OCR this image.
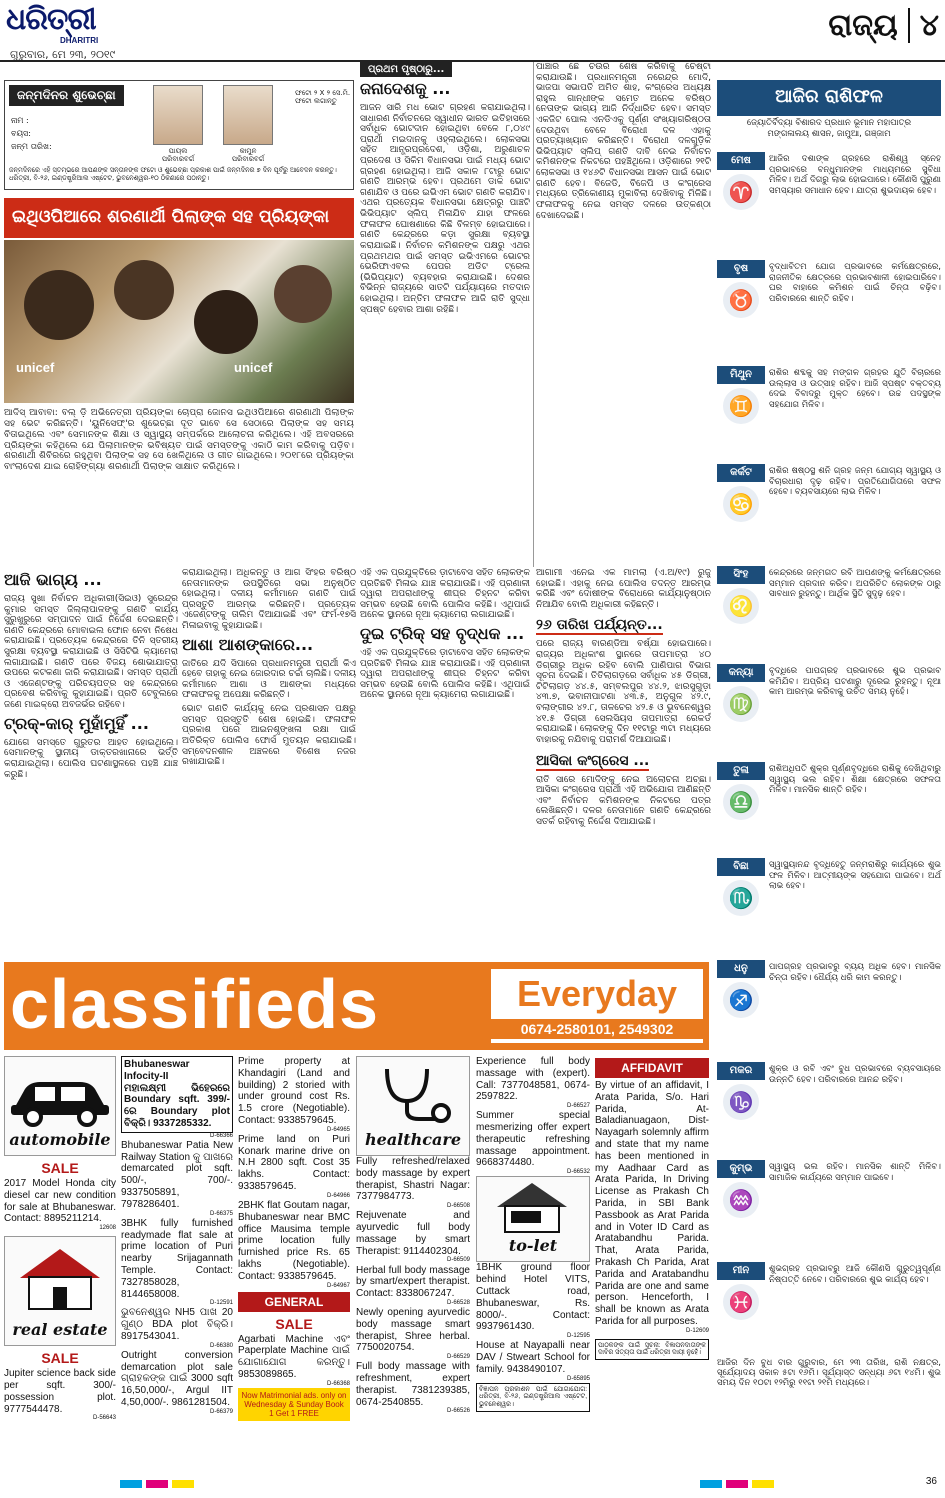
ଧରିତ୍ରୀ
DHARITRI
ଗୁରୁବାର, ମେ ୨୩, ୨୦୧୯
ରାଜ୍ୟ ୪
ଜନ୍ମଦିନର ଶୁଭେଚ୍ଛା
ନାମ :
ବୟସ:
ଜନ୍ମ ତାରିଖ:
ପାୟଲ
ପରିବାରବର୍ଗ
କାମୁନ
ପରିବାରବର୍ଗ
ଫଟୋ ୨ X ୨ ସେ.ମି. ଫଟୋ ଲଗାନ୍ତୁ
ଜନ୍ମଦିନରେ ଏହି ସ୍ତମ୍ଭରେ ଆପଣଙ୍କ ସନ୍ତାନଙ୍କ ଫଟୋ ଓ ଶୁଭେଚ୍ଛା ପ୍ରକାଶ ପାଇଁ ଜନ୍ମଦିନର ୭ ଦିନ ପୂର୍ବରୁ ଆବେଦନ କରନ୍ତୁ। ଧରିତ୍ରୀ, ବି-୨୬, ଇଣ୍ଡଷ୍ଟ୍ରିଆଲ ଏଷ୍ଟେଟ, ଭୁବନେଶ୍ୱର-୧୦ ଠିକଣାରେ ପଠାନ୍ତୁ।
ଇଥିଓପିଆରେ ଶରଣାର୍ଥୀ ପିଲାଙ୍କ ସହ ପ୍ରିୟଙ୍କା
unicef	unicef
ଆଦିସ୍ ଆବାବା: ବଲ୍ ଡ଼ି ଅଭିନେତ୍ରୀ ପ୍ରିୟଙ୍କା ଚୋପ୍ରା ଜୋନସ ଇଥିଓପିଆରେ ଶରଣାର୍ଥୀ ପିଲାଙ୍କ ସହ ଭେଟ କରିଛନ୍ତି। 'ୟୁନିସେଫ୍'ର ଶୁଭେଚ୍ଛା ଦୂତ ଭାବେ ସେ ସେଠାରେ ପିଲାଙ୍କ ସହ ସମୟ ବିତାଇଥିଲେ ଏବଂ ସେମାନଙ୍କ ଶିକ୍ଷା ଓ ସ୍ୱାସ୍ଥ୍ୟ ସମ୍ପର୍କରେ ଆଲୋଚନା କରିଥିଲେ। ଏହି ଅବସରରେ ପ୍ରିୟଙ୍କା କହିଥିଲେ ଯେ ପିଲାମାନଙ୍କ ଭବିଷ୍ୟତ ପାଇଁ ସମସ୍ତଙ୍କୁ ଏକାଠି କାମ କରିବାକୁ ପଡ଼ିବ। ଶରଣାର୍ଥୀ ଶିବିରରେ ରହୁଥିବା ପିଲାଙ୍କ ସହ ସେ ଖେଳିଥିଲେ ଓ ଗୀତ ଗାଇଥିଲେ। ୨୦୧୮ରେ ପ୍ରିୟଙ୍କା ବାଂଲାଦେଶ ଯାଇ ରୋହିଙ୍ଗ୍ୟା ଶରଣାର୍ଥୀ ପିଲାଙ୍କ ସାକ୍ଷାତ କରିଥିଲେ।
ପ୍ରଥମ ପୃଷ୍ଠାରୁ...
ଜନାଦେଶକୁ ...
ଆଜନ ସାରି ମଧ ଭୋଟ ଗ୍ରହଣ କରାଯାଇଥିଲା। ସାଧାରଣ ନିର୍ବାଚନରେ ସ୍ୱାଧୀନ ଭାରତ ଇତିହାସରେ ସର୍ବାଧିକ ଭୋଟଦାନ ହୋଇଥିବା ବେଳେ ୮,୦୪୯ ପ୍ରାର୍ଥୀ ମଇଦାନକୁ ଓହ୍ଲାଇଥିଲେ। ଲୋକସଭା ସହିତ ଆନ୍ଧ୍ରପ୍ରଦେଶ, ଓଡ଼ିଶା, ଅରୁଣାଚଳ ପ୍ରଦେଶ ଓ ସିକିମ ବିଧାନସଭା ପାଇଁ ମଧ୍ୟ ଭୋଟ ଗ୍ରହଣ ହୋଇଥିଲା। ଆଜି ସକାଳ ୮ଟାରୁ ଭୋଟ ଗଣତି ଆରମ୍ଭ ହେବ। ପ୍ରଥମେ ଡାକ ଭୋଟ ଗଣାଯିବ ଓ ପରେ ଇଭିଏମ ଭୋଟ ଗଣତି କରାଯିବ। ଏଥର ପ୍ରତ୍ୟେକ ବିଧାନସଭା କ୍ଷେତ୍ରରୁ ପାଞ୍ଚଟି ଭିଭିପ୍ୟାଟ ସ୍ଲିପ୍ ମିଳାଯିବ ଯାହା ଫଳରେ ଫଳାଫଳ ଘୋଷଣାରେ କିଛି ବିଳମ୍ବ ହୋଇପାରେ। ଗଣତି କେନ୍ଦ୍ରରେ କଡ଼ା ସୁରକ୍ଷା ବ୍ୟବସ୍ଥା କରାଯାଇଛି। ନିର୍ବାଚନ କମିଶନଙ୍କ ପକ୍ଷରୁ ଏଥର ପ୍ରଥମଥର ପାଇଁ ସମସ୍ତ ଇଭିଏମରେ ଭୋଟର ଭେରିଫାଏବଲ ପେପର ଅଡିଟ ଟ୍ରେଲ (ଭିଭିପ୍ୟାଟ) ବ୍ୟବହାର କରାଯାଇଛି। ଦେଶର ବିଭିନ୍ନ ରାଜ୍ୟରେ ସାତଟି ପର୍ଯ୍ୟାୟରେ ମତଦାନ ହୋଇଥିଲା। ଅନ୍ତିମ ଫଳାଫଳ ଆଜି ରାତି ସୁଦ୍ଧା ସ୍ପଷ୍ଟ ହେବାର ଆଶା ରହିଛି।
ପାଞ୍ଚାର ଛେ ଚଉର ଶେଷ କରିବାକୁ ଚେଷ୍ଟା କରାଯାଉଛି। ପ୍ରଧାନମନ୍ତ୍ରୀ ନରେନ୍ଦ୍ର ମୋଦି, ଭାଜପା ସଭାପତି ଅମିତ ଶାହ, କଂଗ୍ରେସ ଅଧ୍ୟକ୍ଷ ରାହୁଲ ଗାନ୍ଧୀଙ୍କ ସମେତ ଅନେକ ବରିଷ୍ଠ ନେତାଙ୍କ ଭାଗ୍ୟ ଆଜି ନିର୍ଦ୍ଧାରିତ ହେବ। ସମସ୍ତ ଏକଜିଟ ପୋଲ ଏନଡିଏକୁ ପୂର୍ଣ୍ଣ ସଂଖ୍ୟାଗରିଷ୍ଠତା ଦେଉଥିବା ବେଳେ ବିରୋଧୀ ଦଳ ଏହାକୁ ପ୍ରତ୍ୟାଖ୍ୟାନ କରିଛନ୍ତି। ବିରୋଧୀ ଦଳଗୁଡ଼ିକ ଭିଭିପ୍ୟାଟ ସ୍ଲିପ୍ ଗଣତି ଦାବି ନେଇ ନିର୍ବାଚନ କମିଶନଙ୍କ ନିକଟରେ ପହଞ୍ଚିଥିଲେ। ଓଡ଼ିଶାରେ ୨୧ଟି ଲୋକସଭା ଓ ୧୪୬ଟି ବିଧାନସଭା ଆସନ ପାଇଁ ଭୋଟ ଗଣତି ହେବ। ବିଜେଡି, ବିଜେପି ଓ କଂଗ୍ରେସ ମଧ୍ୟରେ ତ୍ରିକୋଣୀୟ ମୁକାବିଲା ଦେଖିବାକୁ ମିଳିଛି। ଫଳାଫଳକୁ ନେଇ ସମସ୍ତ ଦଳରେ ଉତ୍କଣ୍ଠା ଦେଖାଦେଇଛି।
ଆଜି ଭାଗ୍ୟ ...
ରାଜ୍ୟ ସୁଖା ନିର୍ବାଚନ ଅଧିକାରୀ(ସିଇଓ) ସୁରେନ୍ଦ୍ର କୁମାର ସମସ୍ତ ଜିଲ୍ଲାପାଳଙ୍କୁ ଗଣତି କାର୍ଯ୍ୟ ସୁରୁଖୁରୁରେ ସମ୍ପାଦନ ପାଇଁ ନିର୍ଦ୍ଦେଶ ଦେଇଛନ୍ତି। ଗଣତି କେନ୍ଦ୍ରରେ ମୋବାଇଲ ଫୋନ ନେବା ନିଷେଧ କରାଯାଇଛି। ପ୍ରତ୍ୟେକ କେନ୍ଦ୍ରରେ ତିନି ସ୍ତରୀୟ ସୁରକ୍ଷା ବ୍ୟବସ୍ଥା କରାଯାଇଛି ଓ ସିସିଟିଭି କ୍ୟାମେରା ଲଗାଯାଇଛି। ଗଣତି ପରେ ବିଜୟ ଶୋଭାଯାତ୍ରା ଉପରେ କଟକଣା ଜାରି କରାଯାଇଛି। ସମସ୍ତ ପ୍ରାର୍ଥୀ ଓ ଏଜେଣ୍ଟଙ୍କୁ ପରିଚୟପତ୍ର ସହ କେନ୍ଦ୍ରରେ ପ୍ରବେଶ କରିବାକୁ କୁହାଯାଇଛି। ପ୍ରତି ଟେବୁଲରେ ଜଣେ ମାଇକ୍ରୋ ଅବଜର୍ଭର ରହିବେ।
ଟ୍ରକ୍-କାର୍ ମୁହାଁମୁହିଁ ...
ଯୋଗେ ସମସ୍ତେ ଗୁରୁତର ଆହତ ହୋଇଥିଲେ। ସେମାନଙ୍କୁ ସ୍ଥାନୀୟ ଡାକ୍ତରଖାନାରେ ଭର୍ତ୍ତି କରାଯାଇଥିଲା। ପୋଲିସ ଘଟଣାସ୍ଥଳରେ ପହଞ୍ଚି ଯାଞ୍ଚ କରୁଛି।
କରାଯାଇଥିଲା। ଅଧିକନ୍ତୁ ଓ ଆଗ ସିଂହର ବରିଷ୍ଠ ନେତାମାନଙ୍କ ଉପସ୍ଥିତିରେ ସଭା ଅନୁଷ୍ଠିତ ହୋଇଥିଲା। ଦଳୀୟ କର୍ମୀମାନେ ଗଣତି ପାଇଁ ପ୍ରସ୍ତୁତି ଆରମ୍ଭ କରିଛନ୍ତି। ପ୍ରତ୍ୟେକ ଏଜେଣ୍ଟଙ୍କୁ ତାଲିମ ଦିଆଯାଇଛି ଏବଂ ଫର୍ମ-୧୭ସି ମିଳାଇବାକୁ କୁହାଯାଇଛି।
ଆଶା ଆଶଙ୍କାରେ...
ଜାତିରେ ଯଦି ସିପାରେ ପ୍ରଧାନମନ୍ତ୍ରୀ ପ୍ରାର୍ଥୀ କିଏ ହେବେ ତାହାକୁ ନେଇ ଜୋରଦାର ଚର୍ଚ୍ଚା ଚାଲିଛି। ଦଳୀୟ କର୍ମୀମାନେ ଆଶା ଓ ଆଶଙ୍କା ମଧ୍ୟରେ ଫଳାଫଳକୁ ଅପେକ୍ଷା କରିଛନ୍ତି।
ଭୋଟ ଗଣତି କାର୍ଯ୍ୟକୁ ନେଇ ପ୍ରଶାସନ ପକ୍ଷରୁ ସମସ୍ତ ପ୍ରସ୍ତୁତି ଶେଷ ହୋଇଛି। ଫଳାଫଳ ପ୍ରକାଶ ପରେ ଆଇନଶୃଙ୍ଖଳା ରକ୍ଷା ପାଇଁ ଅତିରିକ୍ତ ପୋଲିସ ଫୋର୍ସ ମୁତୟନ କରାଯାଇଛି। ସମ୍ବେଦନଶୀଳ ଅଞ୍ଚଳରେ ବିଶେଷ ନଜର ରଖାଯାଇଛି।
ଏହି ଏକ ପ୍ରଯୁକ୍ତିରେ ଡ଼ାଟାବେସ ସହିତ ଲୋକଙ୍କ ପ୍ରତିଛବି ମିଳାଇ ଯାଞ୍ଚ କରାଯାଉଛି। ଏହି ପ୍ରଣାଳୀ ଦ୍ୱାରା ଅପରାଧୀଙ୍କୁ ଶୀଘ୍ର ଚିହ୍ନଟ କରିବା ସମ୍ଭବ ହେଉଛି ବୋଲି ପୋଲିସ କହିଛି। ଏଥିପାଇଁ ଅନେକ ସ୍ଥାନରେ ନୂଆ କ୍ୟାମେରା ଲଗାଯାଇଛି।
ଦୁଇ ଟ୍ରିକ୍ ସହ ବୃଦ୍ଧକ ...
ଏହି ଏକ ପ୍ରଯୁକ୍ତିରେ ଡ଼ାଟାବେସ ସହିତ ଲୋକଙ୍କ ପ୍ରତିଛବି ମିଳାଇ ଯାଞ୍ଚ କରାଯାଉଛି। ଏହି ପ୍ରଣାଳୀ ଦ୍ୱାରା ଅପରାଧୀଙ୍କୁ ଶୀଘ୍ର ଚିହ୍ନଟ କରିବା ସମ୍ଭବ ହେଉଛି ବୋଲି ପୋଲିସ କହିଛି। ଏଥିପାଇଁ ଅନେକ ସ୍ଥାନରେ ନୂଆ କ୍ୟାମେରା ଲଗାଯାଇଛି।
ଆଗାମୀ ଏନେଇ ଏକ ମାମଲା (ଏ.ଅ/୧୯) ରୁଜୁ ହୋଇଛି। ଏହାକୁ ନେଇ ପୋଲିସ ତଦନ୍ତ ଆରମ୍ଭ କରିଛି ଏବଂ ଦୋଷୀଙ୍କ ବିରୋଧରେ କାର୍ଯ୍ୟାନୁଷ୍ଠାନ ନିଆଯିବ ବୋଲି ଅଧିକାରୀ କହିଛନ୍ତି।
୨୬ ତାରିଖ ପର୍ଯ୍ୟନ୍ତ...
ପରେ ରାଜ୍ୟ ବାରଣ୍ଡିଆ ବର୍ଷ୍ଯା ହୋଇପାରେ। ରାଜ୍ୟର ଅଧିକାଂଶ ସ୍ଥାନରେ ତାପମାତ୍ରା ୪୦ ଡିଗ୍ରୀରୁ ଅଧିକ ରହିବ ବୋଲି ପାଣିପାଗ ବିଭାଗ ସୂଚନା ଦେଇଛି। ତିତିଲାଗଡ଼ରେ ସର୍ବାଧିକ ୪୫ ଡିଗ୍ରୀ, ଟିଟିଲାଗଡ଼ ୪୪.୫, ସମ୍ବଲପୁର ୪୪.୨, ଝାରସୁଗୁଡ଼ା ୪୩.୭, ଭବାନୀପାଟଣା ୪୩.୫, ଅନୁଗୁଳ ୪୨.୯, ବଲାଙ୍ଗୀର ୪୨.୮, ତାଳଚେର ୪୨.୫ ଓ ଭୁବନେଶ୍ୱର ୪୧.୫ ଡିଗ୍ରୀ ସେଲସିୟସ ତାପମାତ୍ରା ରେକର୍ଡ କରାଯାଇଛି। ଲୋକଙ୍କୁ ଦିନ ୧୧ଟାରୁ ୩ଟା ମଧ୍ୟରେ ବାହାରକୁ ନଯିବାକୁ ପରାମର୍ଶ ଦିଆଯାଇଛି।
ଆସିକା କଂଗ୍ରେସ ...
ରାତି ସାରେ ମୋଦିଙ୍କୁ ନେଇ ଅଲୋଚନା ଅଚ୍ଛା। ଆସିକା କଂଗ୍ରେସ ପ୍ରାର୍ଥୀ ଏହି ଅଭିଯୋଗ ଆଣିଛନ୍ତି ଏବଂ ନିର୍ବାଚନ କମିଶନଙ୍କ ନିକଟରେ ପତ୍ର ଲେଖିଛନ୍ତି। ଦଳର ନେତାମାନେ ଗଣତି କେନ୍ଦ୍ରରେ ସତର୍କ ରହିବାକୁ ନିର୍ଦ୍ଦେଶ ଦିଆଯାଇଛି।
ଆଜିର ରାଶିଫଳ
ଜ୍ୟୋତିର୍ବିଦ୍ୟା ବିଶାରଦ ପ୍ରଧାନ ଭୂମାନ ମହାପାତ୍ର
ମଙ୍ଗଳାଲୟ ଶାସନ, ଜାମୁଆ, ଗଞ୍ଜାମ
ମେଷ
♈
ଆଜିର ଦଶାଙ୍କ ଗ୍ରହରେ ରାଶିଶ୍ୱ ସ୍ନେହ ପ୍ରଭାବରେ ବନ୍ଧୁମାନଙ୍କ ମାଧ୍ୟମରେ ସୁବିଧା ମିଳିବ। ଅର୍ଥ ଦିଗରୁ ଲାଭ ହୋଇପାରେ। କୌଣସି ପୁରୁଣା ସମସ୍ୟାର ସମାଧାନ ହେବ। ଯାତ୍ରା ଶୁଭଦାୟକ ହେବ।
ବୃଷ
♉
ବୃଦ୍ଧାବିତମ ଯୋଗ ପ୍ରଭାବରେ କର୍ମକ୍ଷେତ୍ରରେ, ରାଜନୀତିକ କ୍ଷେତ୍ରରେ ପ୍ରଭାବଶାଳୀ ହୋଇପାରିବେ। ଘର ବାହାରେ କମିଶନ ପାଇଁ ଚିନ୍ତା ବଢ଼ିବ। ପରିବାରରେ ଶାନ୍ତି ରହିବ।
ମିଥୁନ
♊
ରାଶିର ଶବ୍ଦକୁ ସହ ମଙ୍ଗଳ ଗ୍ରହର ଯୁତି ବିଚାରରେ ଉଲ୍ଲାସ ଓ ଉତ୍ସାହ ରହିବ। ଆଜି ସ୍ପଷ୍ଟ ବକ୍ତବ୍ୟ ଦେଇ ବିବାଦରୁ ମୁକ୍ତ ହେବେ। ଉଚ୍ଚ ପଦସ୍ଥଙ୍କ ସହଯୋଗ ମିଳିବ।
କର୍କଟ
♋
ରାଶିର ଷଷ୍ଠସ୍ଥ ଶନି ଗ୍ରହ ଜନ୍ମ ଯୋଗ୍ୟ ସ୍ୱାସ୍ଥ୍ୟ ଓ ବିଚାରଧାରା ଦୃଢ଼ ରହିବ। ପ୍ରତିଯୋଗିତାରେ ସଫଳ ହେବେ। ବ୍ୟବସାୟରେ ଲାଭ ମିଳିବ।
ସିଂହ
♌
କେନ୍ଦ୍ରରେ ଜନ୍ମଗତ ରବି ଆପଣଙ୍କୁ କର୍ମକ୍ଷେତ୍ରରେ ସମ୍ମାନ ପ୍ରଦାନ କରିବ। ଅପରିଚିତ ଲୋକଙ୍କ ଠାରୁ ସାବଧାନ ରୁହନ୍ତୁ। ଆର୍ଥିକ ସ୍ଥିତି ସୁଦୃଢ଼ ହେବ।
କନ୍ୟା
♍
ବୃଦ୍ଧିରେ ପାପଗ୍ରହ ପ୍ରଭାବରେ ଶୁଭ ପ୍ରଭାବ କମିଯିବ। ଅପ୍ରିୟ ଘଟଣାରୁ ଦୂରେଇ ରୁହନ୍ତୁ। ନୂଆ କାମ ଆରମ୍ଭ କରିବାକୁ ଉଚିତ ସମୟ ନୁହେଁ।
ତୁଳା
♎
ରାଶିଅଧିପତି ଶୁକ୍ର ପୂର୍ଣ୍ଣବୃଦ୍ଧିରେ ରାଶିକୁ ଦେଖିଥିବାରୁ ସ୍ୱାସ୍ଥ୍ୟ ଭଲ ରହିବ। ଶିକ୍ଷା କ୍ଷେତ୍ରରେ ସଫଳତା ମିଳିବ। ମାନସିକ ଶାନ୍ତି ରହିବ।
ବିଛା
♏
ସ୍ୱାସ୍ଥ୍ୟାନନ୍ଦ ବୃଦ୍ଧିହେତୁ ଜନ୍ମରାଶିରୁ କାର୍ଯ୍ୟରେ ଶୁଭ ଫଳ ମିଳିବ। ଆତ୍ମୀୟଙ୍କ ସହଯୋଗ ପାଇବେ। ଅର୍ଥ ଲାଭ ହେବ।
ଧନୁ
♐
ପାପଗ୍ରହ ପ୍ରଭାବରୁ ବ୍ୟୟ ଅଧିକ ହେବ। ମାନସିକ ଚିନ୍ତା ରହିବ। ଧୈର୍ଯ୍ୟ ଧରି କାମ କରନ୍ତୁ।
ମକର
♑
ଶୁକ୍ର ଓ ରବି ଏବଂ ବୁଧ ପ୍ରଭାବରେ ବ୍ୟବସାୟରେ ଉନ୍ନତି ହେବ। ପରିବାରରେ ଆନନ୍ଦ ରହିବ।
କୁମ୍ଭ
♒
ସ୍ୱାସ୍ଥ୍ୟ ଭଲ ରହିବ। ମାନସିକ ଶାନ୍ତି ମିଳିବ। ସାମାଜିକ କାର୍ଯ୍ୟରେ ସମ୍ମାନ ପାଇବେ।
ମୀନ
♓
ଶୁଭଗ୍ରହ ପ୍ରଭାବରୁ ଆଜି କୌଣସି ଗୁରୁତ୍ୱପୂର୍ଣ୍ଣ ନିଷ୍ପତ୍ତି ନେବେ। ପରିବାରରେ ଶୁଭ କାର୍ଯ୍ୟ ହେବ।
ଆଜିର ଦିନ ବୁଧ ବାର ଗୁରୁବାର, ମେ ୨୩ ତାରିଖ, ରାଶି ନକ୍ଷତ୍ର, ସୂର୍ଯ୍ୟୋଦୟ ସକାଳ ୫ଟା ୧୬ମି। ସୂର୍ଯ୍ୟାସ୍ତ ସନ୍ଧ୍ୟା ୬ଟା ୧୪ମି। ଶୁଭ ସମୟ ଦିନ ୧୦ଟା ୧୨ମିରୁ ୧୧ଟା ୨୧ମି ମଧ୍ୟରେ।
classifieds	Everyday
0674-2580101, 2549302
automobile
SALE
2017 Model Honda city diesel car new condition for sale at Bhubaneswar. Contact: 8895211214.
12608
real estate
SALE
Jupiter science back side per sqft. 300/- possession plot. 9777544478.
D-56643
Bhubaneswar Infocity-II
ମହାଲକ୍ଷ୍ମୀ ଭିହେରରେ Boundary sqft. 399/-ରେ Boundary plot ବିକ୍ରି। 9337285332.
D-66366
Bhubaneswar Patia New Railway Station କୁ ପାଖରେ demarcated plot sqft. 500/-, 700/-. 9337505891, 7978286401.
D-66375
3BHK fully furnished readymade flat sale at prime location of Puri nearby Srijagannath Temple. Contact: 7327858028, 8144658008.
D-12591
ଭୁବନେଶ୍ୱର NH5 ପାଖ 20 ଗୁଣ୍ଠ BDA plot ବିକ୍ରି। 8917543041.
D-66380
Outright conversion demarcation plot sale ଗ୍ରାହକଙ୍କ ପାଇଁ 3000 sqft 16,50,000/-, Argul IIT 4,50,000/-. 9861281504.
D-66379
Prime property at Khandagiri (Land and building) 2 storied with under ground cost Rs. 1.5 crore (Negotiable). Contact: 9338579645.
D-64965
Prime land on Puri Konark marine drive on N.H 2800 sqft. Cost 35 lakhs. Contact: 9338579645.
D-64966
2BHK flat Goutam nagar, Bhubaneswar near BMC office Mausima temple prime location fully furnished price Rs. 65 lakhs (Negotiable). Contact: 9338579645.
D-64967
GENERAL
SALE
Agarbati Machine ଏବଂ Paperplate Machine ପାଇଁ ଯୋଗାଯୋଗ କରନ୍ତୁ। 9853089865.
D-66368
Now Matrimonial ads. only on Wednesday & Sunday Book 1 Get 1 FREE
healthcare
Fully refreshed/relaxed body massage by expert therapist, Shastri Nagar: 7377984773.
D-66508
Rejuvenate and ayurvedic full body massage by smart Therapist: 9114402304.
D-66509
Herbal full body massage by smart/expert therapist. Contact: 8338067247.
D-66528
Newly opening ayurvedic body massage smart therapist, Shree herbal. 7750020754.
D-66529
Full body massage with refreshment, expert therapist. 7381239385, 0674-2540855.
D-66526
Experience full body massage with (expert). Call: 7377048581, 0674-2597822.
D-66527
Summer special mesmerizing offer expert therapeutic refreshing massage appointment. 9668374480.
D-66532
to-let
1BHK ground floor behind Hotel VITS, Cuttack road, Bhubaneswar, Rs. 8000/-. Contact: 9937961430.
D-12595
House at Nayapalli near DAV / Stweart School for family. 9438490107.
D-65895
ବିଜ୍ଞାପନ ପ୍ରକାଶନ ପାଇଁ ଯୋଗାଯୋଗ: ଧରିତ୍ରୀ, ବି-୨୬, ଇଣ୍ଡଷ୍ଟ୍ରିଆଲ ଏଷ୍ଟେଟ, ଭୁବନେଶ୍ୱର।
AFFIDAVIT
By virtue of an affidavit, I Arata Parida, S/o. Hari Parida, At-Baladianuagaon, Dist-Nayagarh solemnly affirm and state that my name has been mentioned in my Aadhaar Card as Arata Parida, In Driving License as Prakash Ch Parida, in SBI Bank Passbook as Arat Parida and in Voter ID Card as Aratabandhu Parida. That, Arata Parida, Prakash Ch Parida, Arat Parida and Aratabandhu Parida are one and same person. Henceforth, I shall be known as Arata Parida for all purposes.
D-12609
ପାଠକଙ୍କ ପାଇଁ ସୂଚନା: ବିଜ୍ଞାପନଦାତାଙ୍କ ଦାବିର ସତ୍ୟତା ପାଇଁ ଧରିତ୍ରୀ ଦାୟୀ ନୁହେଁ।
36
